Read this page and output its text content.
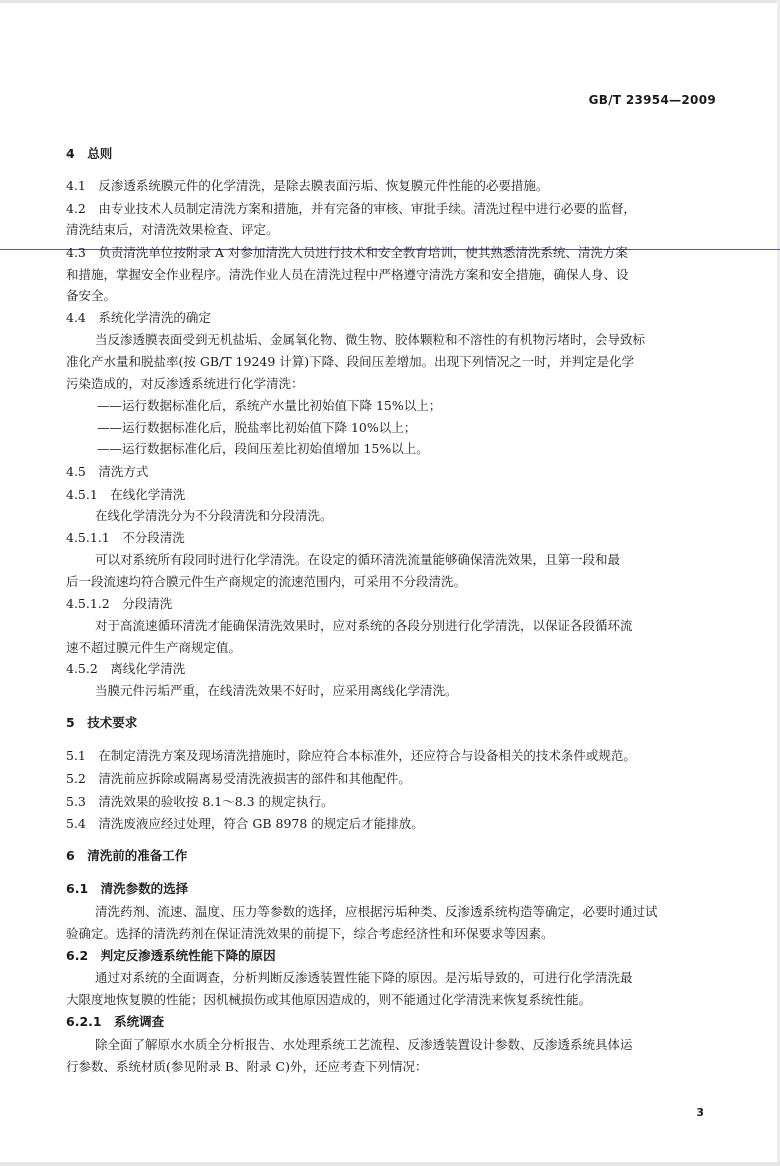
GB/T 23954—2009
4　总则
4.1　反渗透系统膜元件的化学清洗，是除去膜表面污垢、恢复膜元件性能的必要措施。
4.2　由专业技术人员制定清洗方案和措施，并有完备的审核、审批手续。清洗过程中进行必要的监督，
清洗结束后，对清洗效果检查、评定。
4.3　负责清洗单位按附录 A 对参加清洗人员进行技术和安全教育培训，使其熟悉清洗系统、清洗方案
和措施，掌握安全作业程序。清洗作业人员在清洗过程中严格遵守清洗方案和安全措施，确保人身、设
备安全。
4.4　系统化学清洗的确定
当反渗透膜表面受到无机盐垢、金属氧化物、微生物、胶体颗粒和不溶性的有机物污堵时，会导致标
准化产水量和脱盐率(按 GB/T 19249 计算)下降、段间压差增加。出现下列情况之一时，并判定是化学
污染造成的，对反渗透系统进行化学清洗：
——运行数据标准化后，系统产水量比初始值下降 15%以上；
——运行数据标准化后，脱盐率比初始值下降 10%以上；
——运行数据标准化后，段间压差比初始值增加 15%以上。
4.5　清洗方式
4.5.1　在线化学清洗
在线化学清洗分为不分段清洗和分段清洗。
4.5.1.1　不分段清洗
可以对系统所有段同时进行化学清洗。在设定的循环清洗流量能够确保清洗效果，且第一段和最
后一段流速均符合膜元件生产商规定的流速范围内，可采用不分段清洗。
4.5.1.2　分段清洗
对于高流速循环清洗才能确保清洗效果时，应对系统的各段分别进行化学清洗，以保证各段循环流
速不超过膜元件生产商规定值。
4.5.2　离线化学清洗
当膜元件污垢严重，在线清洗效果不好时，应采用离线化学清洗。
5　技术要求
5.1　在制定清洗方案及现场清洗措施时，除应符合本标准外，还应符合与设备相关的技术条件或规范。
5.2　清洗前应拆除或隔离易受清洗液损害的部件和其他配件。
5.3　清洗效果的验收按 8.1～8.3 的规定执行。
5.4　清洗废液应经过处理，符合 GB 8978 的规定后才能排放。
6　清洗前的准备工作
6.1　清洗参数的选择
清洗药剂、流速、温度、压力等参数的选择，应根据污垢种类、反渗透系统构造等确定，必要时通过试
验确定。选择的清洗药剂在保证清洗效果的前提下，综合考虑经济性和环保要求等因素。
6.2　判定反渗透系统性能下降的原因
通过对系统的全面调查，分析判断反渗透装置性能下降的原因。是污垢导致的，可进行化学清洗最
大限度地恢复膜的性能；因机械损伤或其他原因造成的，则不能通过化学清洗来恢复系统性能。
6.2.1　系统调查
除全面了解原水水质全分析报告、水处理系统工艺流程、反渗透装置设计参数、反渗透系统具体运
行参数、系统材质(参见附录 B、附录 C)外，还应考查下列情况：
3
